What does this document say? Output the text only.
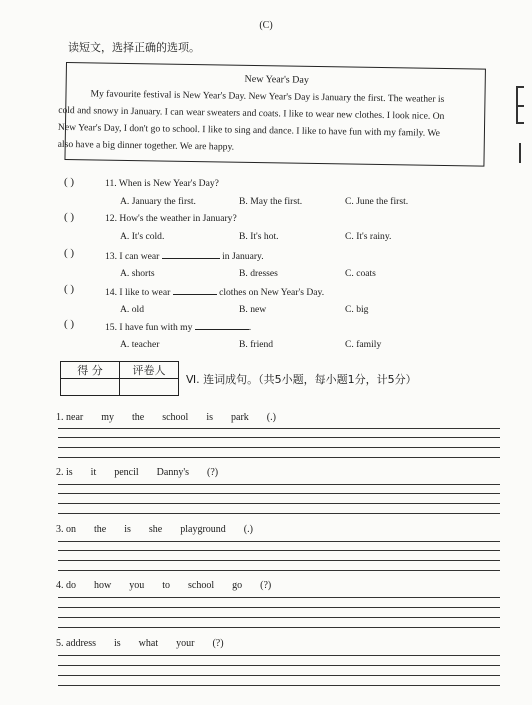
(C)
读短文，选择正确的选项。
New Year's Day
My favourite festival is New Year's Day. New Year's Day is January the first. The weather is
cold and snowy in January. I can wear sweaters and coats. I like to wear new clothes. I look nice. On
New Year's Day, I don't go to school. I like to sing and dance. I like to have fun with my family. We
also have a big dinner together. We are happy.
( )	11. When is New Year's Day?
A. January the first.	B. May the first.	C. June the first.
( )	12. How's the weather in January?
A. It's cold.	B. It's hot.	C. It's rainy.
( )	13. I can wear	in January.
A. shorts	B. dresses	C. coats
( )	14. I like to wear	clothes on New Year's Day.
A. old	B. new	C. big
( )	15. I have fun with my	.
A. teacher	B. friend	C. family
得 分	评卷人

Ⅵ. 连词成句。（共5小题，每小题1分，计5分）
1. near my the school is park (.)
2. is it pencil Danny's (?)
3. on the is she playground (.)
4. do how you to school go (?)
5. address is what your (?)
